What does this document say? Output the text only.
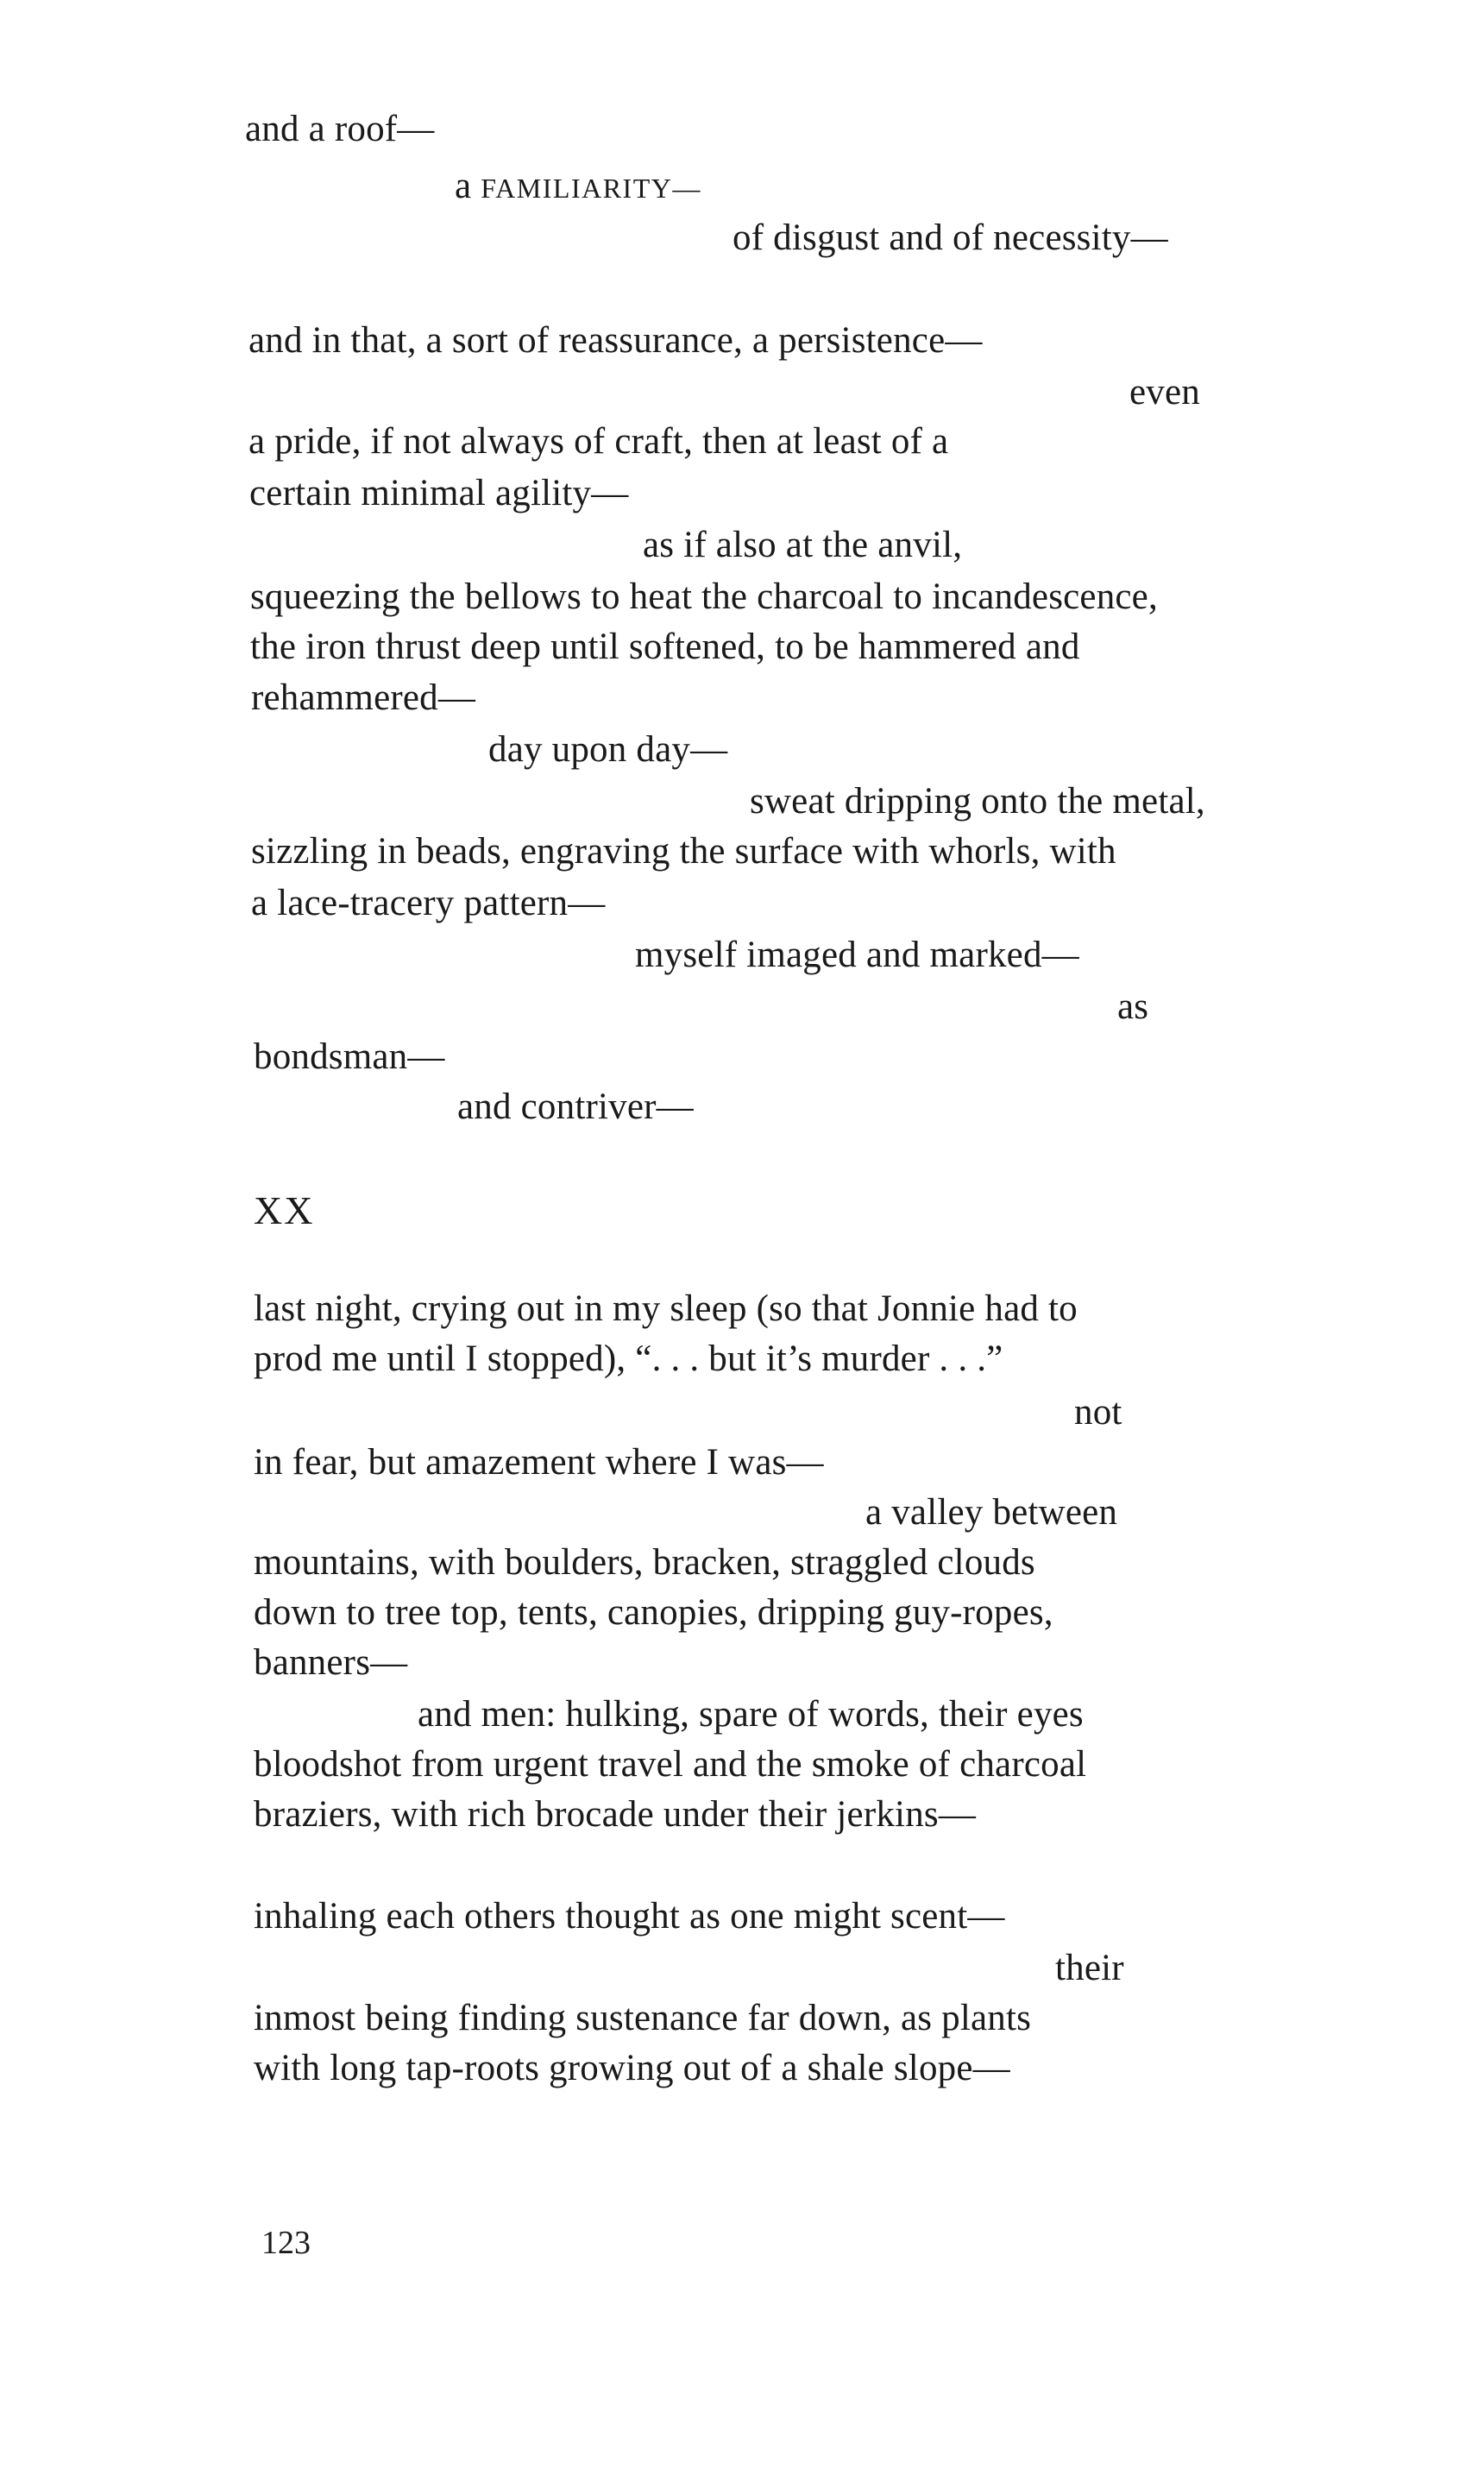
and a roof—
a FAMILIARITY—
of disgust and of necessity—
and in that, a sort of reassurance, a persistence—
even
a pride, if not always of craft, then at least of a
certain minimal agility—
as if also at the anvil,
squeezing the bellows to heat the charcoal to incandescence,
the iron thrust deep until softened, to be hammered and
rehammered—
day upon day—
sweat dripping onto the metal,
sizzling in beads, engraving the surface with whorls, with
a lace-tracery pattern—
myself imaged and marked—
as
bondsman—
and contriver—
XX
last night, crying out in my sleep (so that Jonnie had to
prod me until I stopped), “. . . but it’s murder . . .”
not
in fear, but amazement where I was—
a valley between
mountains, with boulders, bracken, straggled clouds
down to tree top, tents, canopies, dripping guy-ropes,
banners—
and men: hulking, spare of words, their eyes
bloodshot from urgent travel and the smoke of charcoal
braziers, with rich brocade under their jerkins—
inhaling each others thought as one might scent—
their
inmost being finding sustenance far down, as plants
with long tap-roots growing out of a shale slope—
123
